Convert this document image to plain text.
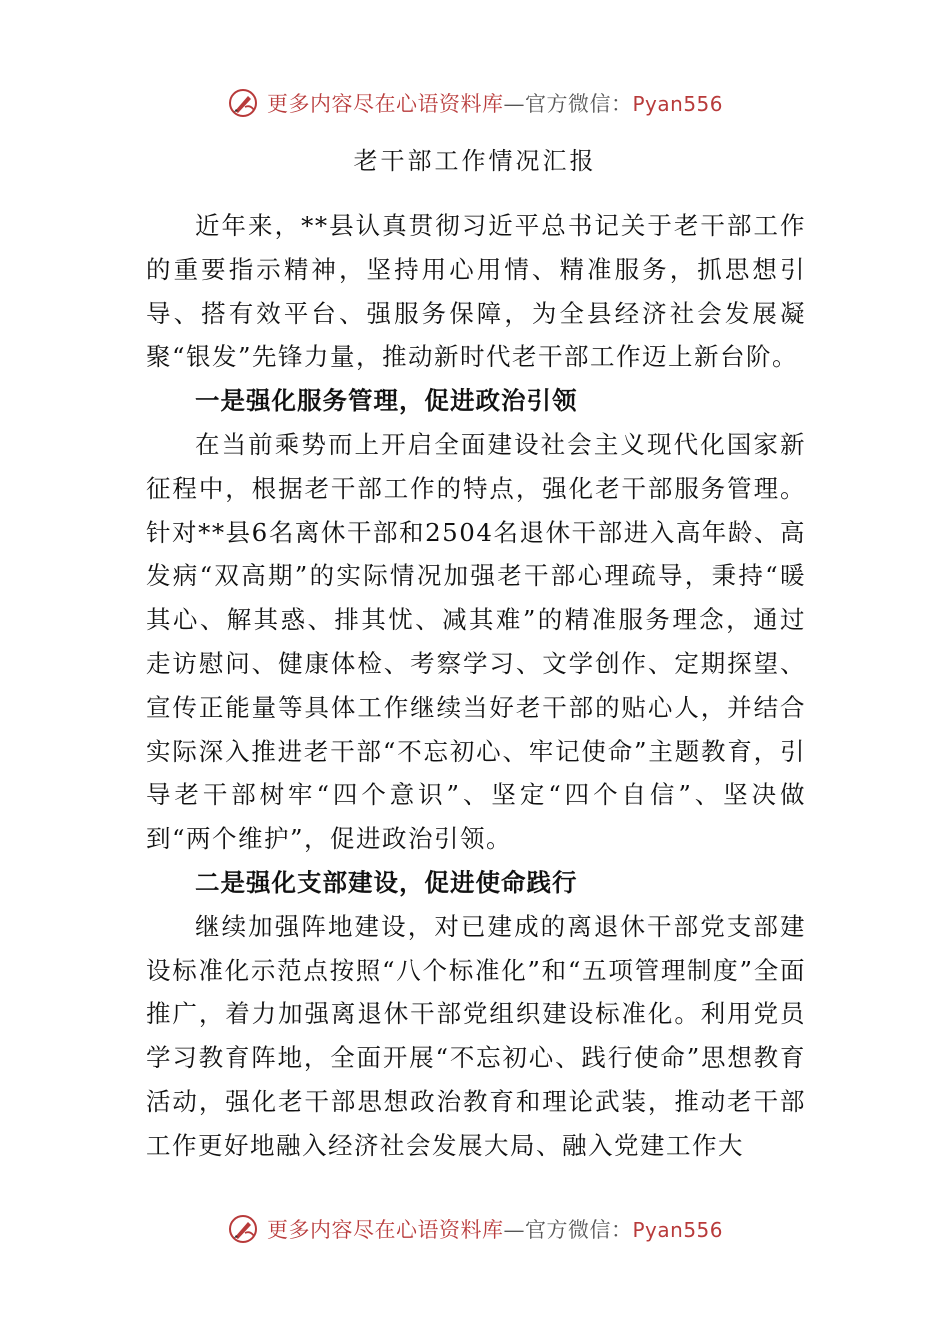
更多内容尽在心语资料库—官方微信：Pyan556
老干部工作情况汇报

近年来，**县认真贯彻习近平总书记关于老干部工作的重要指示精神，坚持用心用情、精准服务，抓思想引导、搭有效平台、强服务保障，为全县经济社会发展凝聚“银发”先锋力量，推动新时代老干部工作迈上新台阶。

一是强化服务管理，促进政治引领

在当前乘势而上开启全面建设社会主义现代化国家新征程中，根据老干部工作的特点，强化老干部服务管理。针对**县6名离休干部和2504名退休干部进入高年龄、高发病“双高期”的实际情况加强老干部心理疏导，秉持“暖其心、解其惑、排其忧、减其难”的精准服务理念，通过走访慰问、健康体检、考察学习、文学创作、定期探望、宣传正能量等具体工作继续当好老干部的贴心人，并结合实际深入推进老干部“不忘初心、牢记使命”主题教育，引导老干部树牢“四个意识”、坚定“四个自信”、坚决做到“两个维护”，促进政治引领。

二是强化支部建设，促进使命践行

继续加强阵地建设，对已建成的离退休干部党支部建设标准化示范点按照“八个标准化”和“五项管理制度”全面推广，着力加强离退休干部党组织建设标准化。利用党员学习教育阵地，全面开展“不忘初心、践行使命”思想教育活动，强化老干部思想政治教育和理论武装，推动老干部工作更好地融入经济社会发展大局、融入党建工作大

更多内容尽在心语资料库—官方微信：Pyan556
